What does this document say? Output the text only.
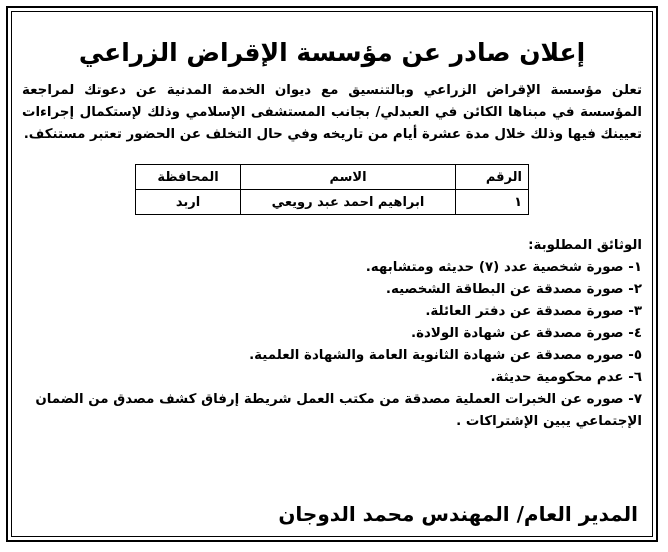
إعلان صادر عن مؤسسة الإقراض الزراعي
تعلن مؤسسة الإقراض الزراعي وبالتنسيق مع ديوان الخدمة المدنية عن دعوتك لمراجعة المؤسسة في مبناها الكائن في العبدلي/ بجانب المستشفى الإسلامي وذلك لإستكمال إجراءات تعيينك فيها وذلك خلال مدة عشرة أيام من تاريخه وفي حال التخلف عن الحضور تعتبر مستنكف.
الرقم	الاسم	المحافظة
١	ابراهيم احمد عبد رويعي	اربد
الوثائق المطلوبة:
١- صورة شخصية عدد (٧) حديثه ومتشابهه.
٢- صورة مصدقة عن البطاقة الشخصيه.
٣- صورة مصدقة عن دفتر العائلة.
٤- صورة مصدقة عن شهادة الولادة.
٥- صوره مصدقة عن شهادة الثانوية العامة والشهادة العلمية.
٦- عدم محكومية حديثة.
٧- صوره عن الخبرات العملية مصدقة من مكتب العمل شريطة إرفاق كشف مصدق من الضمان الإجتماعي يبين الإشتراكات .
المدير العام/ المهندس محمد الدوجان
